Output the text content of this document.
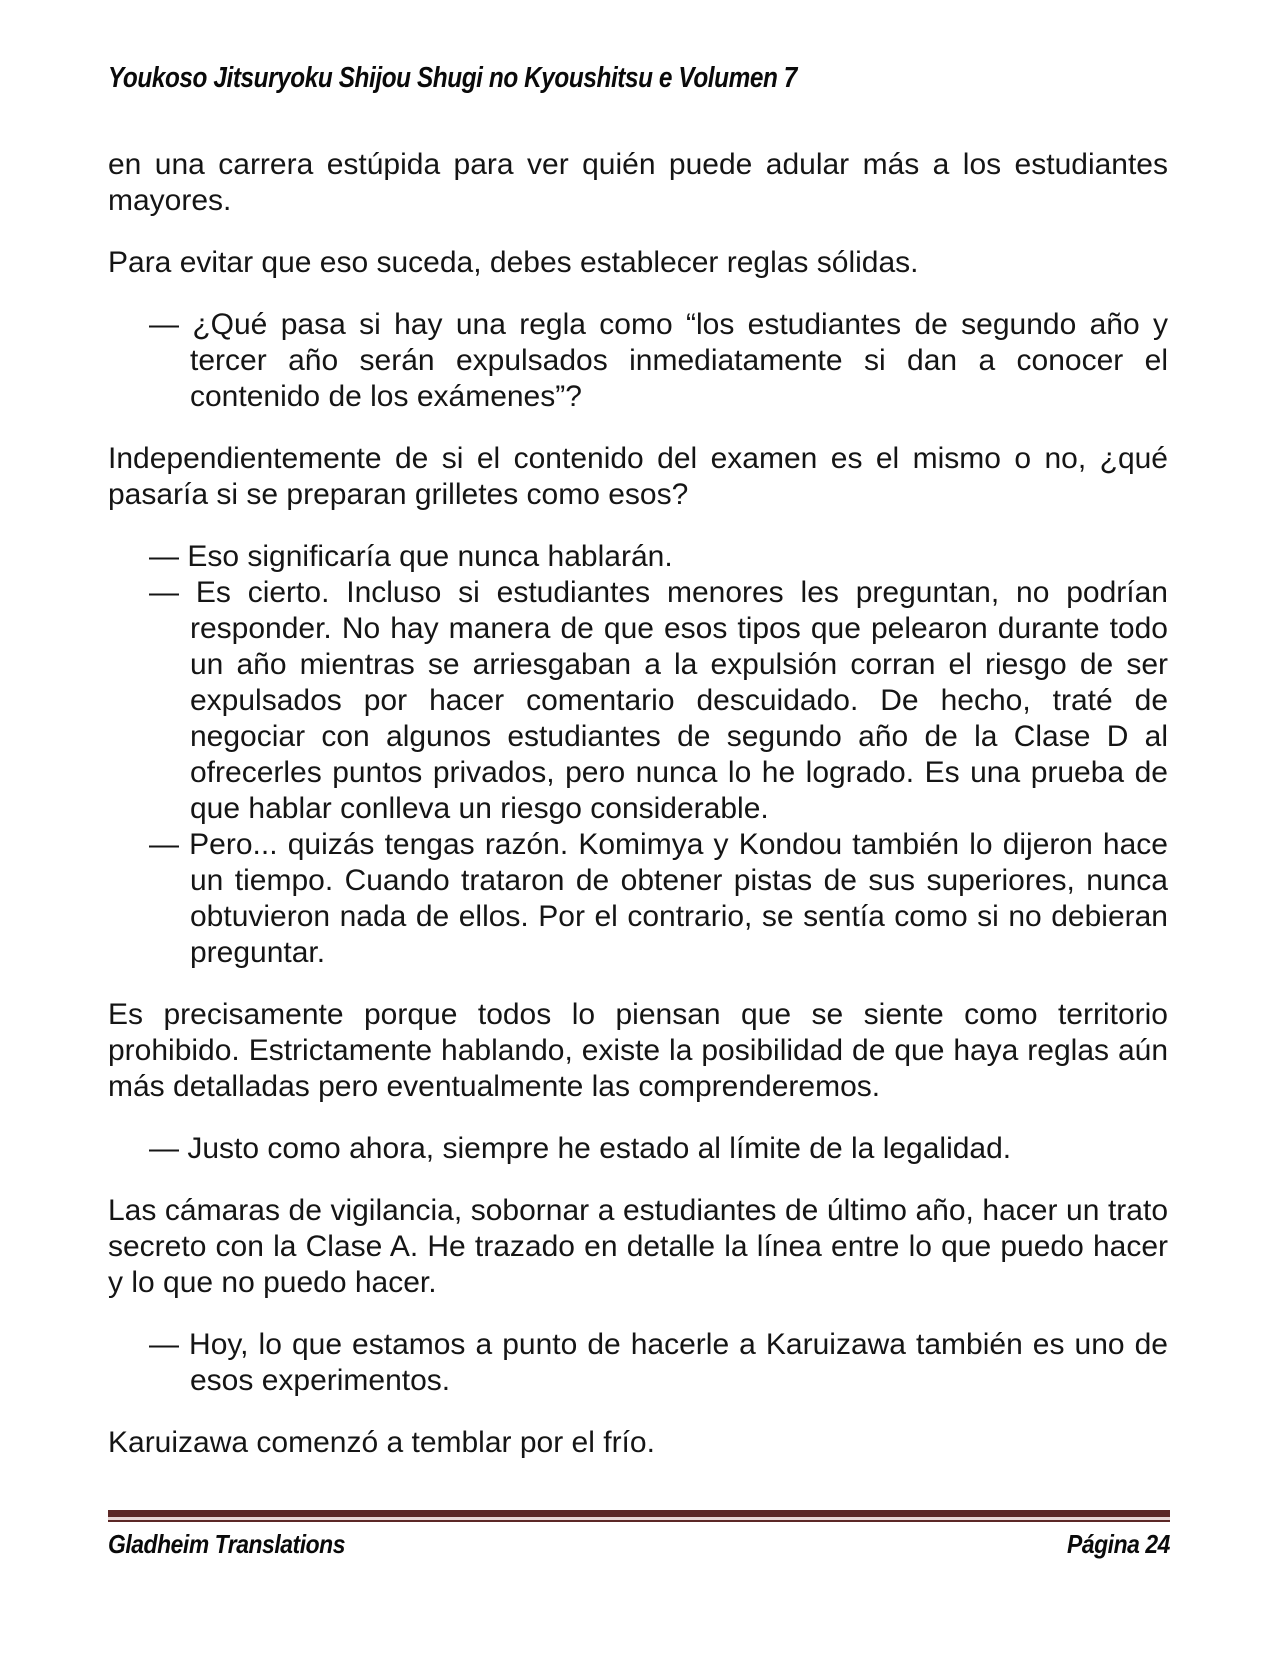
Youkoso Jitsuryoku Shijou Shugi no Kyoushitsu e Volumen 7

en una carrera estúpida para ver quién puede adular más a los estudiantes mayores.

Para evitar que eso suceda, debes establecer reglas sólidas.

— ¿Qué pasa si hay una regla como “los estudiantes de segundo año y tercer año serán expulsados inmediatamente si dan a conocer el contenido de los exámenes”?

Independientemente de si el contenido del examen es el mismo o no, ¿qué pasaría si se preparan grilletes como esos?

— Eso significaría que nunca hablarán.

— Es cierto. Incluso si estudiantes menores les preguntan, no podrían responder. No hay manera de que esos tipos que pelearon durante todo un año mientras se arriesgaban a la expulsión corran el riesgo de ser expulsados por hacer comentario descuidado. De hecho, traté de negociar con algunos estudiantes de segundo año de la Clase D al ofrecerles puntos privados, pero nunca lo he logrado. Es una prueba de que hablar conlleva un riesgo considerable.

— Pero... quizás tengas razón. Komimya y Kondou también lo dijeron hace un tiempo. Cuando trataron de obtener pistas de sus superiores, nunca obtuvieron nada de ellos. Por el contrario, se sentía como si no debieran preguntar.

Es precisamente porque todos lo piensan que se siente como territorio prohibido. Estrictamente hablando, existe la posibilidad de que haya reglas aún más detalladas pero eventualmente las comprenderemos.

— Justo como ahora, siempre he estado al límite de la legalidad.

Las cámaras de vigilancia, sobornar a estudiantes de último año, hacer un trato secreto con la Clase A. He trazado en detalle la línea entre lo que puedo hacer y lo que no puedo hacer.

— Hoy, lo que estamos a punto de hacerle a Karuizawa también es uno de esos experimentos.

Karuizawa comenzó a temblar por el frío.

Gladheim Translations	Página 24
